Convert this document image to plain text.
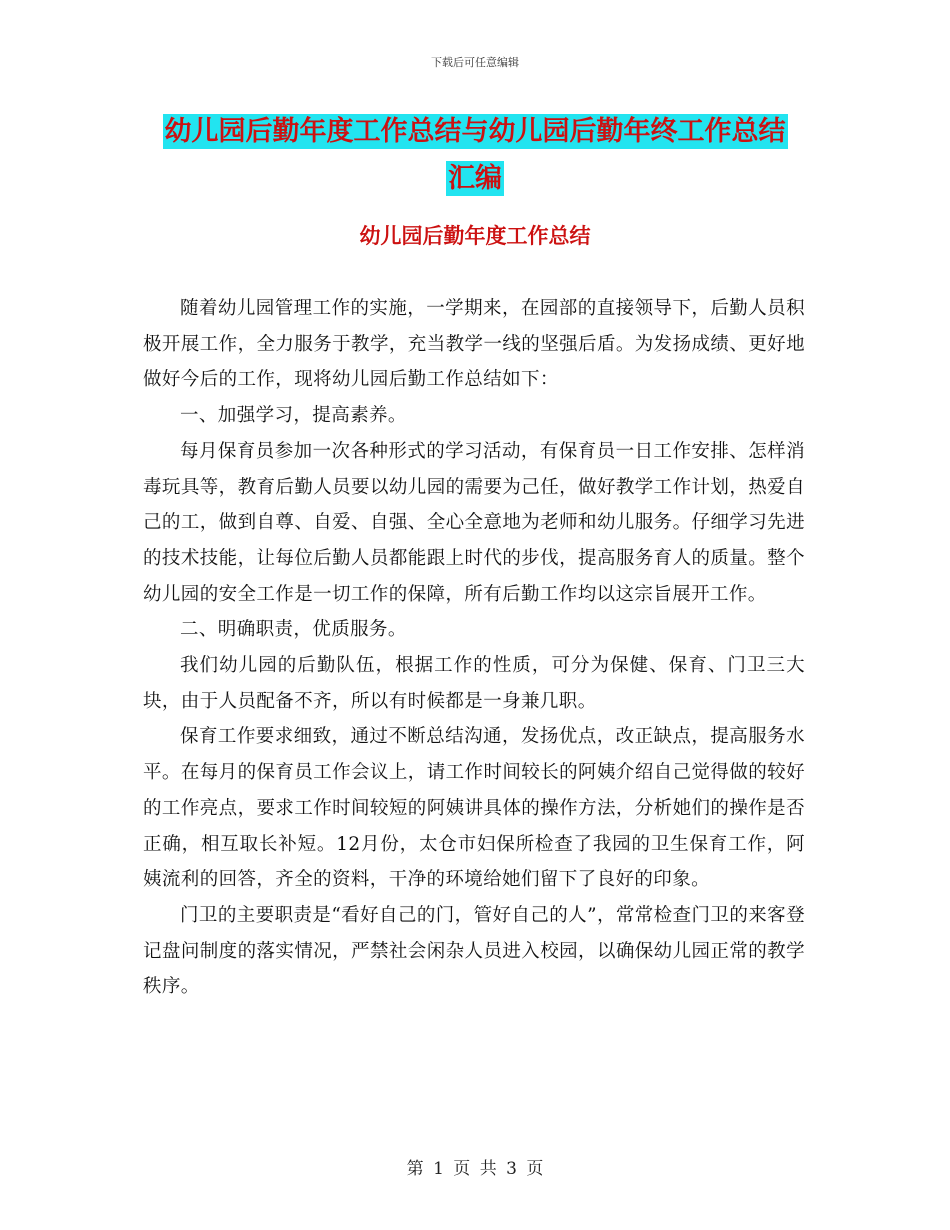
下载后可任意编辑
幼儿园后勤年度工作总结与幼儿园后勤年终工作总结
汇编
幼儿园后勤年度工作总结

随着幼儿园管理工作的实施，一学期来，在园部的直接领导下，后勤人员积极开展工作，全力服务于教学，充当教学一线的坚强后盾。为发扬成绩、更好地做好今后的工作，现将幼儿园后勤工作总结如下：

一、加强学习，提高素养。

每月保育员参加一次各种形式的学习活动，有保育员一日工作安排、怎样消毒玩具等，教育后勤人员要以幼儿园的需要为己任，做好教学工作计划，热爱自己的工，做到自尊、自爱、自强、全心全意地为老师和幼儿服务。仔细学习先进的技术技能，让每位后勤人员都能跟上时代的步伐，提高服务育人的质量。整个幼儿园的安全工作是一切工作的保障，所有后勤工作均以这宗旨展开工作。

二、明确职责，优质服务。

我们幼儿园的后勤队伍，根据工作的性质，可分为保健、保育、门卫三大块，由于人员配备不齐，所以有时候都是一身兼几职。

保育工作要求细致，通过不断总结沟通，发扬优点，改正缺点，提高服务水平。在每月的保育员工作会议上，请工作时间较长的阿姨介绍自己觉得做的较好的工作亮点，要求工作时间较短的阿姨讲具体的操作方法，分析她们的操作是否正确，相互取长补短。12月份，太仓市妇保所检查了我园的卫生保育工作，阿姨流利的回答，齐全的资料，干净的环境给她们留下了良好的印象。

门卫的主要职责是“看好自己的门，管好自己的人”，常常检查门卫的来客登记盘问制度的落实情况，严禁社会闲杂人员进入校园，以确保幼儿园正常的教学秩序。

第 1 页 共 3 页
